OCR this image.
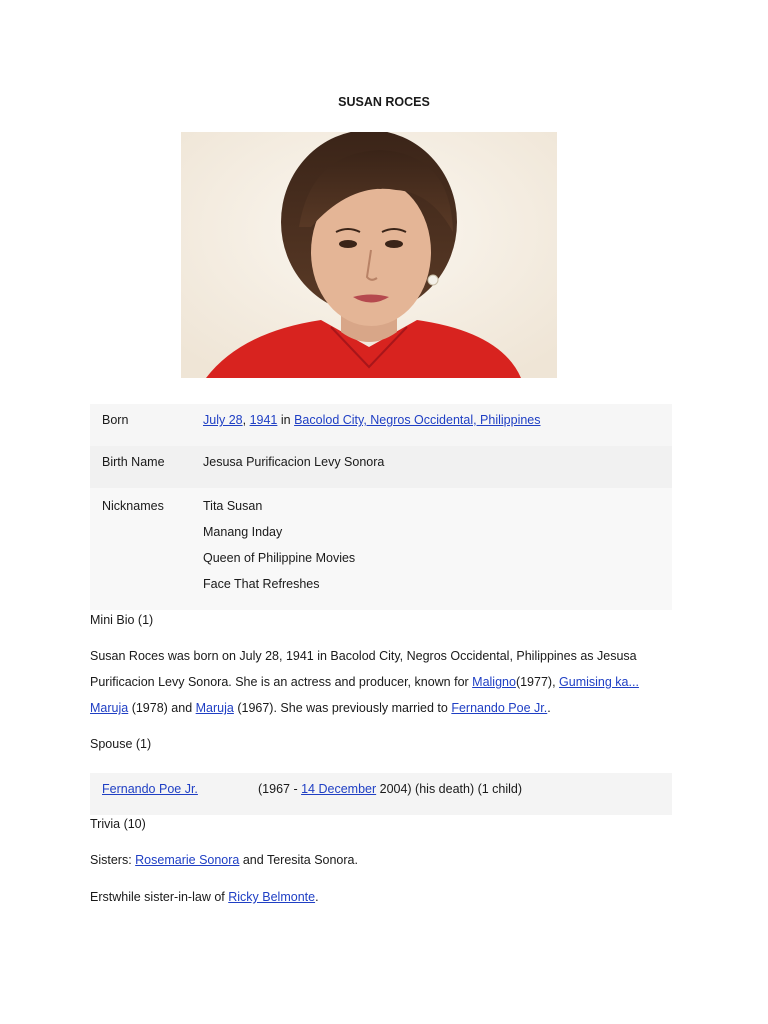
SUSAN ROCES
Born	July 28, 1941 in Bacolod City, Negros Occidental, Philippines
Birth Name	Jesusa Purificacion Levy Sonora
Nicknames	Tita Susan
Manang Inday
Queen of Philippine Movies
Face That Refreshes
Mini Bio (1)
Susan Roces was born on July 28, 1941 in Bacolod City, Negros Occidental, Philippines as Jesusa Purificacion Levy Sonora. She is an actress and producer, known for Maligno(1977), Gumising ka... Maruja (1978) and Maruja (1967). She was previously married to Fernando Poe Jr..
Spouse (1)
Fernando Poe Jr.	(1967 - 14 December 2004) (his death) (1 child)
Trivia (10)
Sisters: Rosemarie Sonora and Teresita Sonora.
Erstwhile sister-in-law of Ricky Belmonte.
